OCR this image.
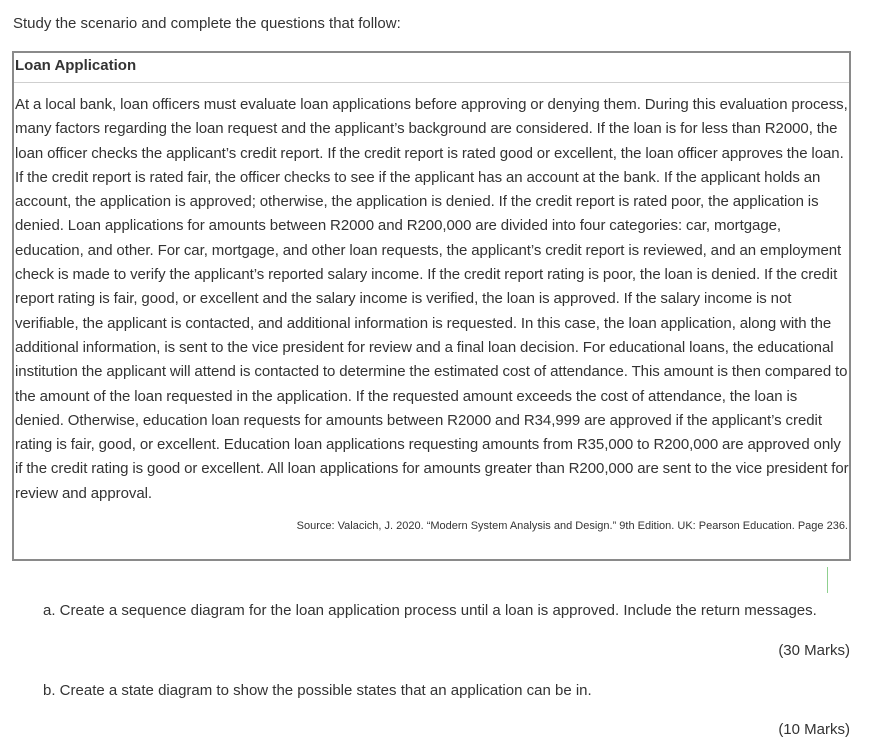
Study the scenario and complete the questions that follow:

Loan Application

At a local bank, loan officers must evaluate loan applications before approving or denying them. During this evaluation process, many factors regarding the loan request and the applicant’s background are considered. If the loan is for less than R2000, the loan officer checks the applicant’s credit report. If the credit report is rated good or excellent, the loan officer approves the loan. If the credit report is rated fair, the officer checks to see if the applicant has an account at the bank. If the applicant holds an account, the application is approved; otherwise, the application is denied. If the credit report is rated poor, the application is denied. Loan applications for amounts between R2000 and R200,000 are divided into four categories: car, mortgage, education, and other. For car, mortgage, and other loan requests, the applicant’s credit report is reviewed, and an employment check is made to verify the applicant’s reported salary income. If the credit report rating is poor, the loan is denied. If the credit report rating is fair, good, or excellent and the salary income is verified, the loan is approved. If the salary income is not verifiable, the applicant is contacted, and additional information is requested. In this case, the loan application, along with the additional information, is sent to the vice president for review and a final loan decision. For educational loans, the educational institution the applicant will attend is contacted to determine the estimated cost of attendance. This amount is then compared to the amount of the loan requested in the application. If the requested amount exceeds the cost of attendance, the loan is denied. Otherwise, education loan requests for amounts between R2000 and R34,999 are approved if the applicant’s credit rating is fair, good, or excellent. Education loan applications requesting amounts from R35,000 to R200,000 are approved only if the credit rating is good or excellent. All loan applications for amounts greater than R200,000 are sent to the vice president for review and approval.

Source: Valacich, J. 2020. “Modern System Analysis and Design.” 9th Edition. UK: Pearson Education. Page 236.

a. Create a sequence diagram for the loan application process until a loan is approved. Include the return messages.

(30 Marks)

b. Create a state diagram to show the possible states that an application can be in.

(10 Marks)
